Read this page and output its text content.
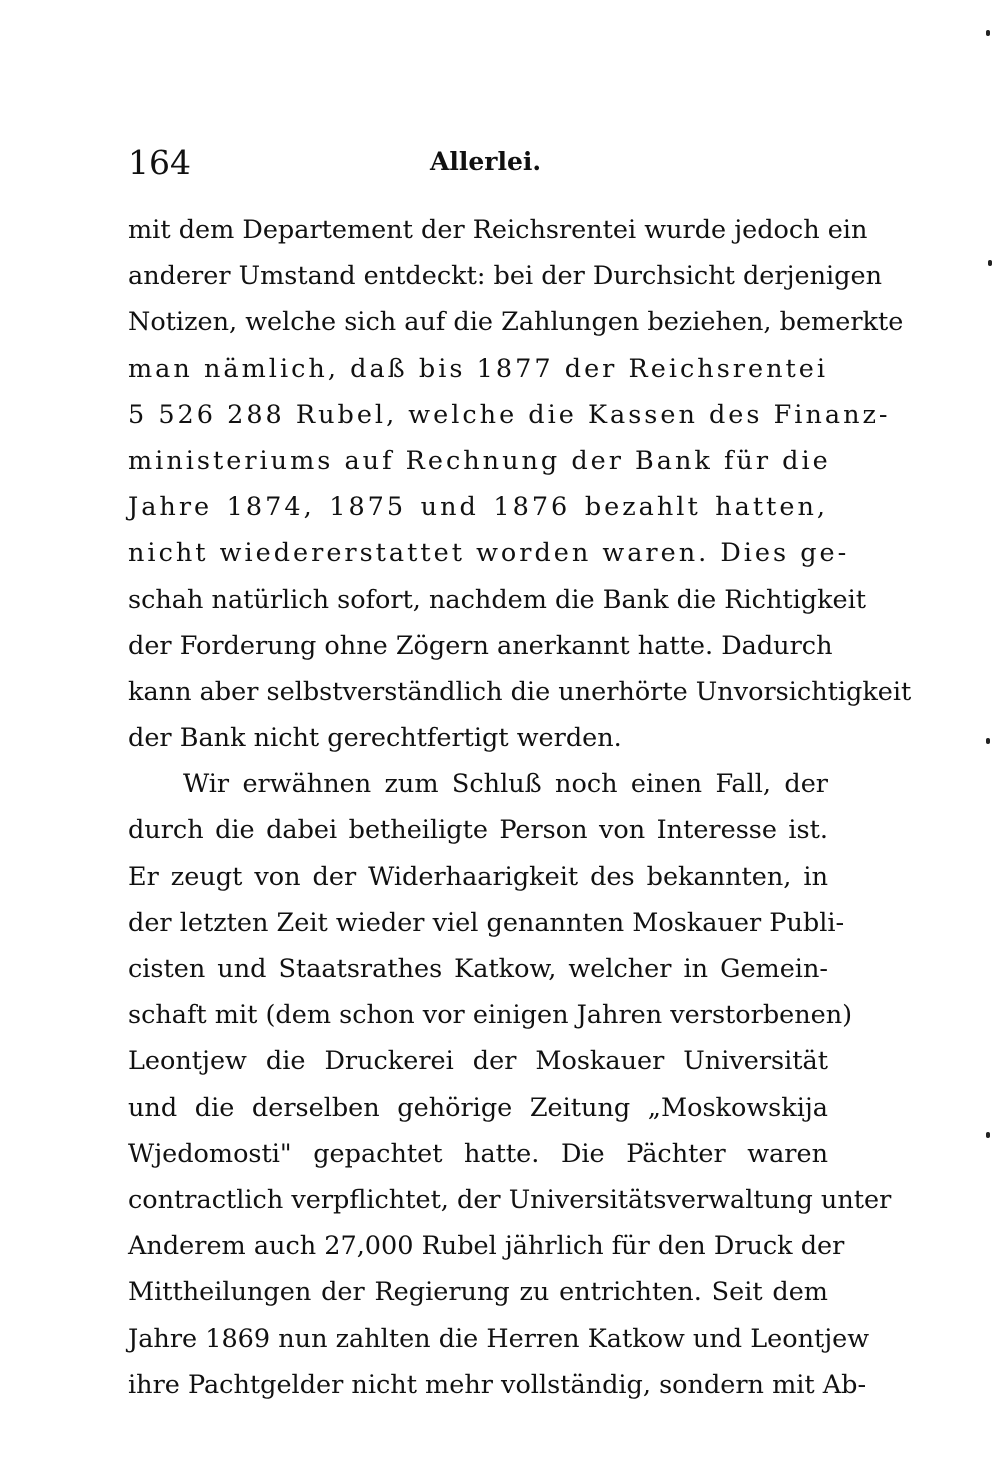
164	Allerlei.
mit dem Departement der Reichsrentei wurde jedoch ein
anderer Umstand entdeckt: bei der Durchsicht derjenigen
Notizen, welche sich auf die Zahlungen beziehen, bemerkte
man nämlich, daß bis 1877 der Reichsrentei
5 526 288 Rubel, welche die Kassen des Finanz-
ministeriums auf Rechnung der Bank für die
Jahre 1874, 1875 und 1876 bezahlt hatten,
nicht wiedererstattet worden waren. Dies ge-
schah natürlich sofort, nachdem die Bank die Richtigkeit
der Forderung ohne Zögern anerkannt hatte. Dadurch
kann aber selbstverständlich die unerhörte Unvorsichtigkeit
der Bank nicht gerechtfertigt werden.
Wir erwähnen zum Schluß noch einen Fall, der
durch die dabei betheiligte Person von Interesse ist.
Er zeugt von der Widerhaarigkeit des bekannten, in
der letzten Zeit wieder viel genannten Moskauer Publi-
cisten und Staatsrathes Katkow, welcher in Gemein-
schaft mit (dem schon vor einigen Jahren verstorbenen)
Leontjew die Druckerei der Moskauer Universität
und die derselben gehörige Zeitung „Moskowskija
Wjedomosti" gepachtet hatte. Die Pächter waren
contractlich verpflichtet, der Universitätsverwaltung unter
Anderem auch 27,000 Rubel jährlich für den Druck der
Mittheilungen der Regierung zu entrichten. Seit dem
Jahre 1869 nun zahlten die Herren Katkow und Leontjew
ihre Pachtgelder nicht mehr vollständig, sondern mit Ab-
